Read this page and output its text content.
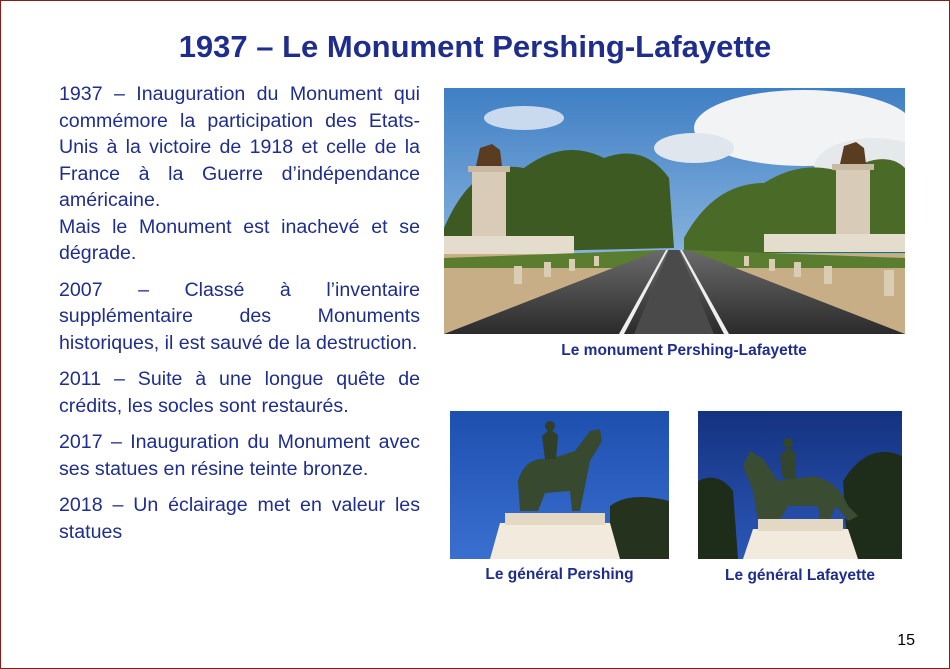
1937 – Le Monument Pershing-Lafayette

1937 – Inauguration du Monument qui commémore la participation des Etats-Unis à la victoire de 1918 et celle de la France à la Guerre d’indépendance américaine.

Mais le Monument est inachevé et se dégrade.

2007 – Classé à l’inventaire supplémentaire des Monuments historiques, il est sauvé de la destruction.

2011 – Suite à une longue quête de crédits, les socles sont restaurés.

2017 – Inauguration du Monument avec ses statues en résine teinte bronze.

2018 – Un éclairage met en valeur les statues

Le monument Pershing-Lafayette
Le général Pershing	Le général Lafayette
15
